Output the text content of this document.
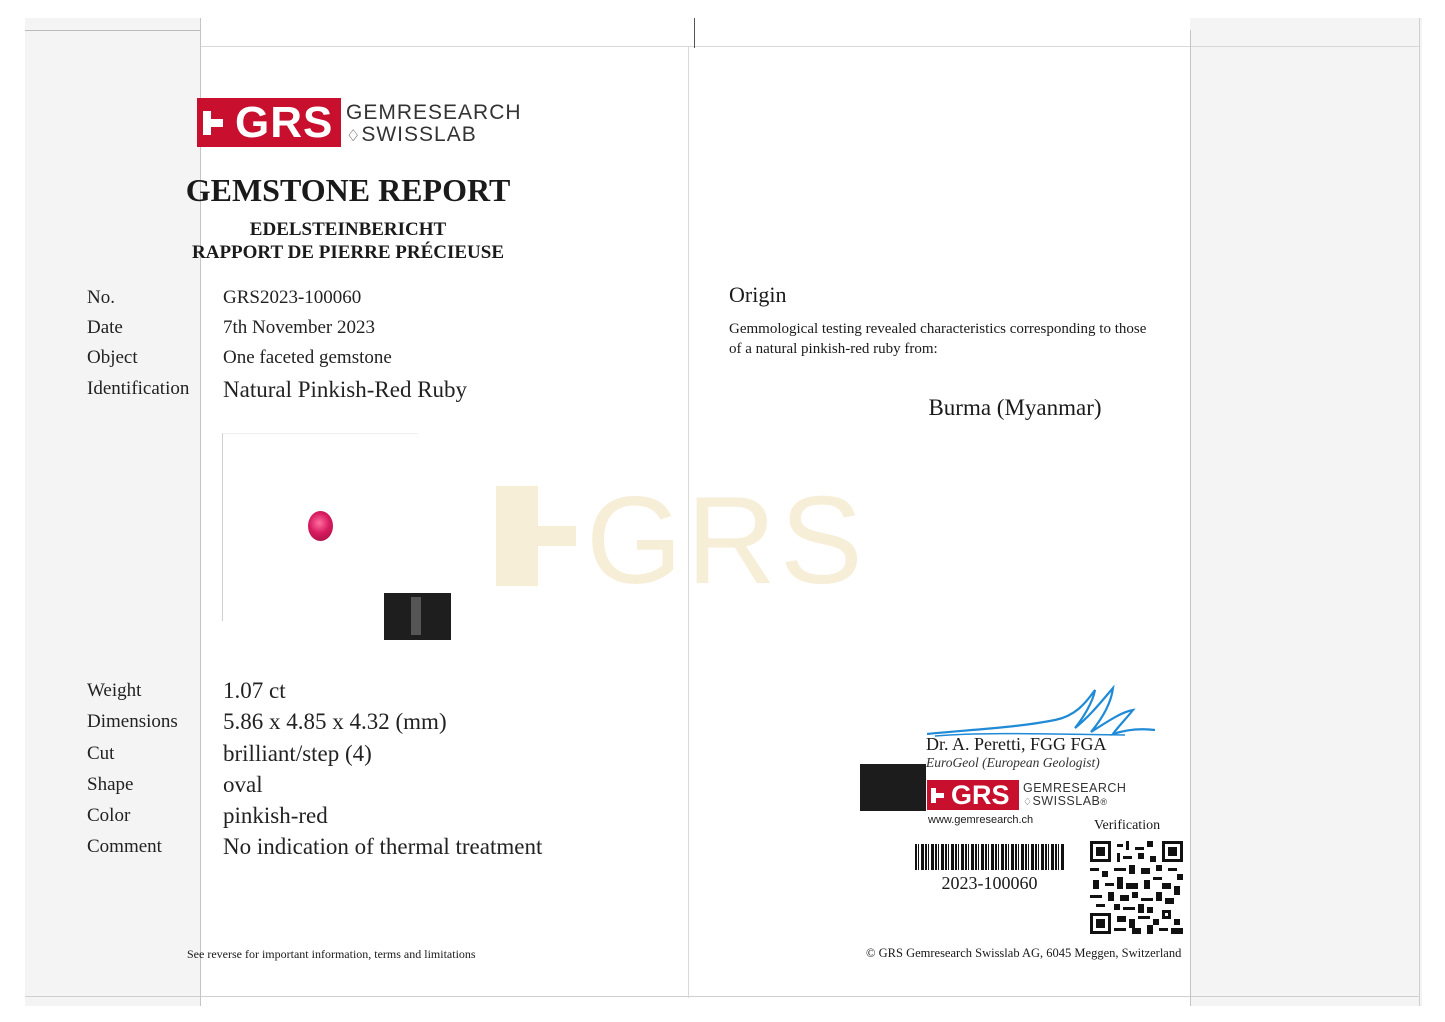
GRS
GRS GEMRESEARCH
♢SWISSLAB
GEMSTONE REPORT
EDELSTEINBERICHT
RAPPORT DE PIERRE PRÉCIEUSE
No.	GRS2023-100060
Date	7th November 2023
Object	One faceted gemstone
Identification Natural Pinkish-Red Ruby
Weight	1.07 ct
Dimensions 5.86 x 4.85 x 4.32 (mm)
Cut	brilliant/step (4)
Shape	oval
Color	pinkish-red
Comment	No indication of thermal treatment
See reverse for important information, terms and limitations
Origin
Gemmological testing revealed characteristics corresponding to those
of a natural pinkish-red ruby from:
Burma (Myanmar)
Dr. A. Peretti, FGG FGA
EuroGeol (European Geologist)
GRS GEMRESEARCH
♢SWISSLAB®
www.gemresearch.ch
2023-100060
Verification
© GRS Gemresearch Swisslab AG, 6045 Meggen, Switzerland
